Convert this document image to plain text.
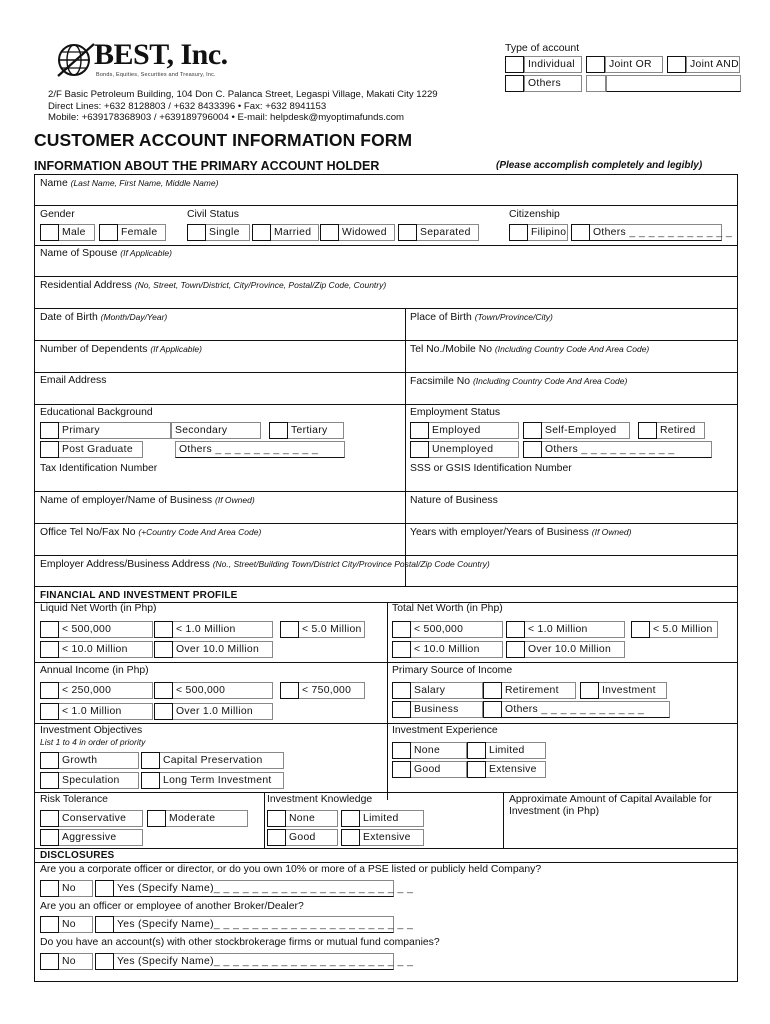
BEST, Inc.
Bonds, Equities, Securities and Treasury, Inc.
2/F Basic Petroleum Building, 104 Don C. Palanca Street, Legaspi Village, Makati City 1229
Direct Lines: +632 8128803 / +632 8433396 • Fax: +632 8941153
Mobile: +639178368903 / +639189796004 • E-mail: helpdesk@myoptimafunds.com
Type of account
Individual	Joint OR	Joint AND
Others
CUSTOMER ACCOUNT INFORMATION FORM
INFORMATION ABOUT THE PRIMARY ACCOUNT HOLDER	(Please accomplish completely and legibly)
Name (Last Name, First Name, Middle Name)
Gender
Male	Female
Civil Status
Single	Married	Widowed	Separated
Citizenship
Filipino	Others _ _ _ _ _ _ _ _ _ _ _
Name of Spouse (If Applicable)
Residential Address (No, Street, Town/District, City/Province, Postal/Zip Code, Country)
Date of Birth (Month/Day/Year)	Place of Birth (Town/Province/City)
Number of Dependents (If Applicable)	Tel No./Mobile No (Including Country Code And Area Code)
Email Address	Facsimile No (Including Country Code And Area Code)
Educational Background
Primary	Secondary	Tertiary
Post Graduate	Others _ _ _ _ _ _ _ _ _ _ _
Employment Status
Employed	Self-Employed	Retired
Unemployed	Others _ _ _ _ _ _ _ _ _ _
Tax Identification Number	SSS or GSIS Identification Number
Name of employer/Name of Business (If Owned)	Nature of Business
Office Tel No/Fax No (+Country Code And Area Code)	Years with employer/Years of Business (If Owned)
Employer Address/Business Address (No., Street/Building Town/District City/Province Postal/Zip Code Country)
FINANCIAL AND INVESTMENT PROFILE
Liquid Net Worth (in Php)
< 500,000	< 1.0 Million	< 5.0 Million
< 10.0 Million	Over 10.0 Million
Total Net Worth (in Php)
< 500,000	< 1.0 Million	< 5.0 Million
< 10.0 Million	Over 10.0 Million
Annual Income (in Php)
< 250,000	< 500,000	< 750,000
< 1.0 Million	Over 1.0 Million
Primary Source of Income
Salary	Retirement	Investment
Business	Others _ _ _ _ _ _ _ _ _ _ _
Investment Objectives
List 1 to 4 in order of priority
Growth	Capital Preservation
Speculation	Long Term Investment
Investment Experience
None	Limited
Good	Extensive
Risk Tolerance
Conservative	Moderate
Aggressive
Investment Knowledge
None	Limited
Good	Extensive
Approximate Amount of Capital Available for Investment (in Php)
DISCLOSURES
Are you a corporate officer or director, or do you own 10% or more of a PSE listed or publicly held Company?
No	Yes (Specify Name) _ _ _ _ _ _ _ _ _ _ _ _ _ _ _ _ _ _ _ _ _
Are you an officer or employee of another Broker/Dealer?
No	Yes (Specify Name) _ _ _ _ _ _ _ _ _ _ _ _ _ _ _ _ _ _ _ _ _
Do you have an account(s) with other stockbrokerage firms or mutual fund companies?
No	Yes (Specify Name) _ _ _ _ _ _ _ _ _ _ _ _ _ _ _ _ _ _ _ _ _
